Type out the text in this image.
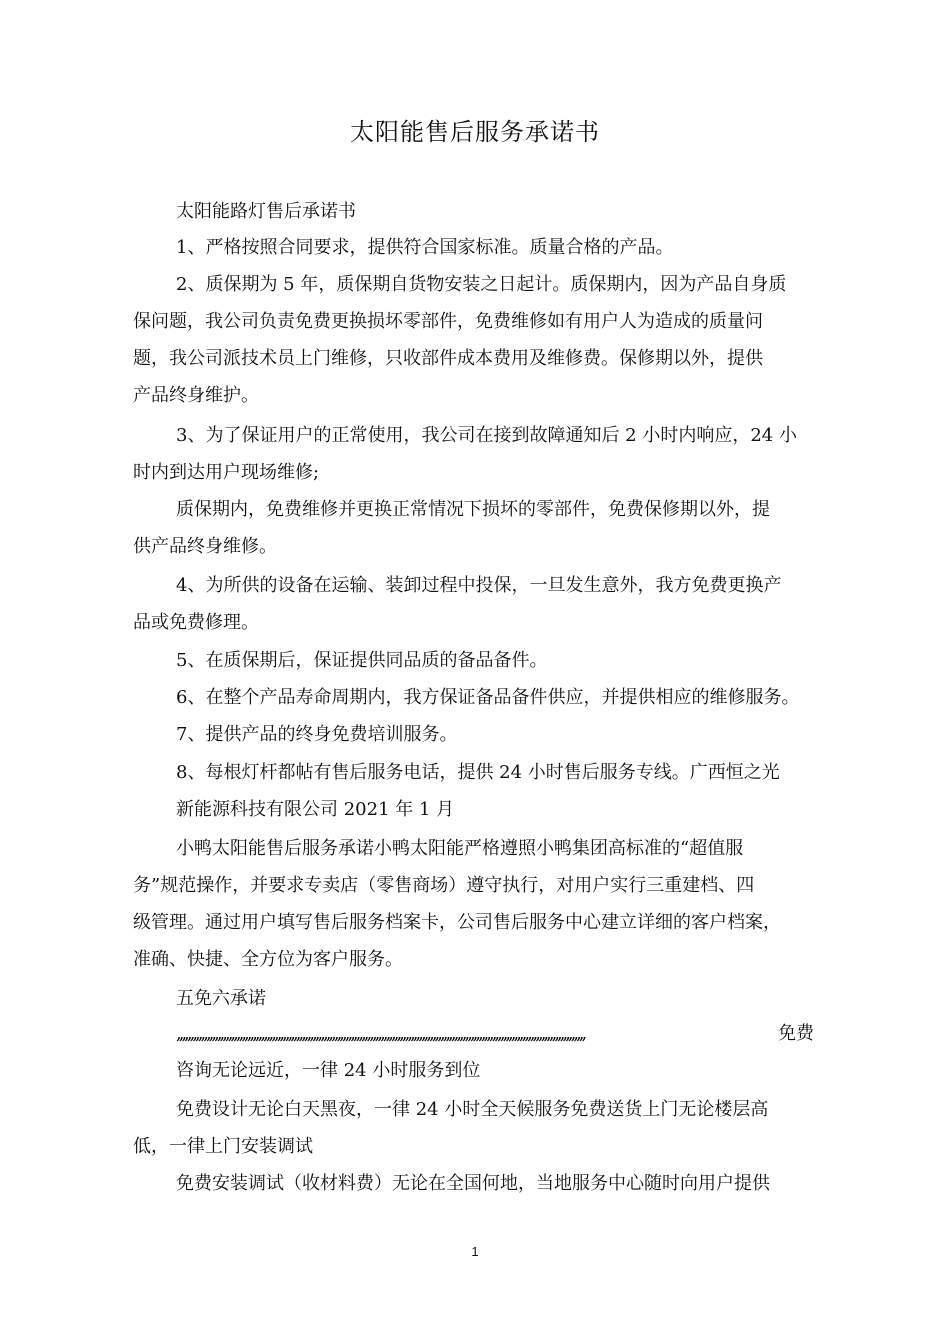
太阳能售后服务承诺书
太阳能路灯售后承诺书
1、严格按照合同要求，提供符合国家标准。质量合格的产品。
2、质保期为 5 年，质保期自货物安装之日起计。质保期内，因为产品自身质
保问题，我公司负责免费更换损坏零部件，免费维修如有用户人为造成的质量问
题，我公司派技术员上门维修，只收部件成本费用及维修费。保修期以外，提供
产品终身维护。
3、为了保证用户的正常使用，我公司在接到故障通知后 2 小时内响应，24 小
时内到达用户现场维修;
质保期内，免费维修并更换正常情况下损坏的零部件，免费保修期以外，提
供产品终身维修。
4、为所供的设备在运输、装卸过程中投保，一旦发生意外，我方免费更换产
品或免费修理。
5、在质保期后，保证提供同品质的备品备件。
6、在整个产品寿命周期内，我方保证备品备件供应，并提供相应的维修服务。
7、提供产品的终身免费培训服务。
8、每根灯杆都帖有售后服务电话，提供 24 小时售后服务专线。广西恒之光
新能源科技有限公司 2021 年 1 月
小鸭太阳能售后服务承诺小鸭太阳能严格遵照小鸭集团高标准的“超值服
务”规范操作，并要求专卖店（零售商场）遵守执行，对用户实行三重建档、四
级管理。通过用户填写售后服务档案卡，公司售后服务中心建立详细的客户档案，
准确、快捷、全方位为客户服务。
五免六承诺
,,,,,,,,,,,,,,,,,,,,,,,,,,,,,,,,,,,,,,,,,,,,,,,,,,,,,,,,,,,,,,,,,,,,,,,,,,,,,,,,,,,,,,,,,,,,,,,,,,,,,,,,,,,,,,,,,,,,,,,,,,,,,,,,,,,,,,,,,,,,,,,,,,,,,,	免费
咨询无论远近，一律 24 小时服务到位
免费设计无论白天黑夜，一律 24 小时全天候服务免费送货上门无论楼层高
低，一律上门安装调试
免费安装调试（收材料费）无论在全国何地，当地服务中心随时向用户提供
1
